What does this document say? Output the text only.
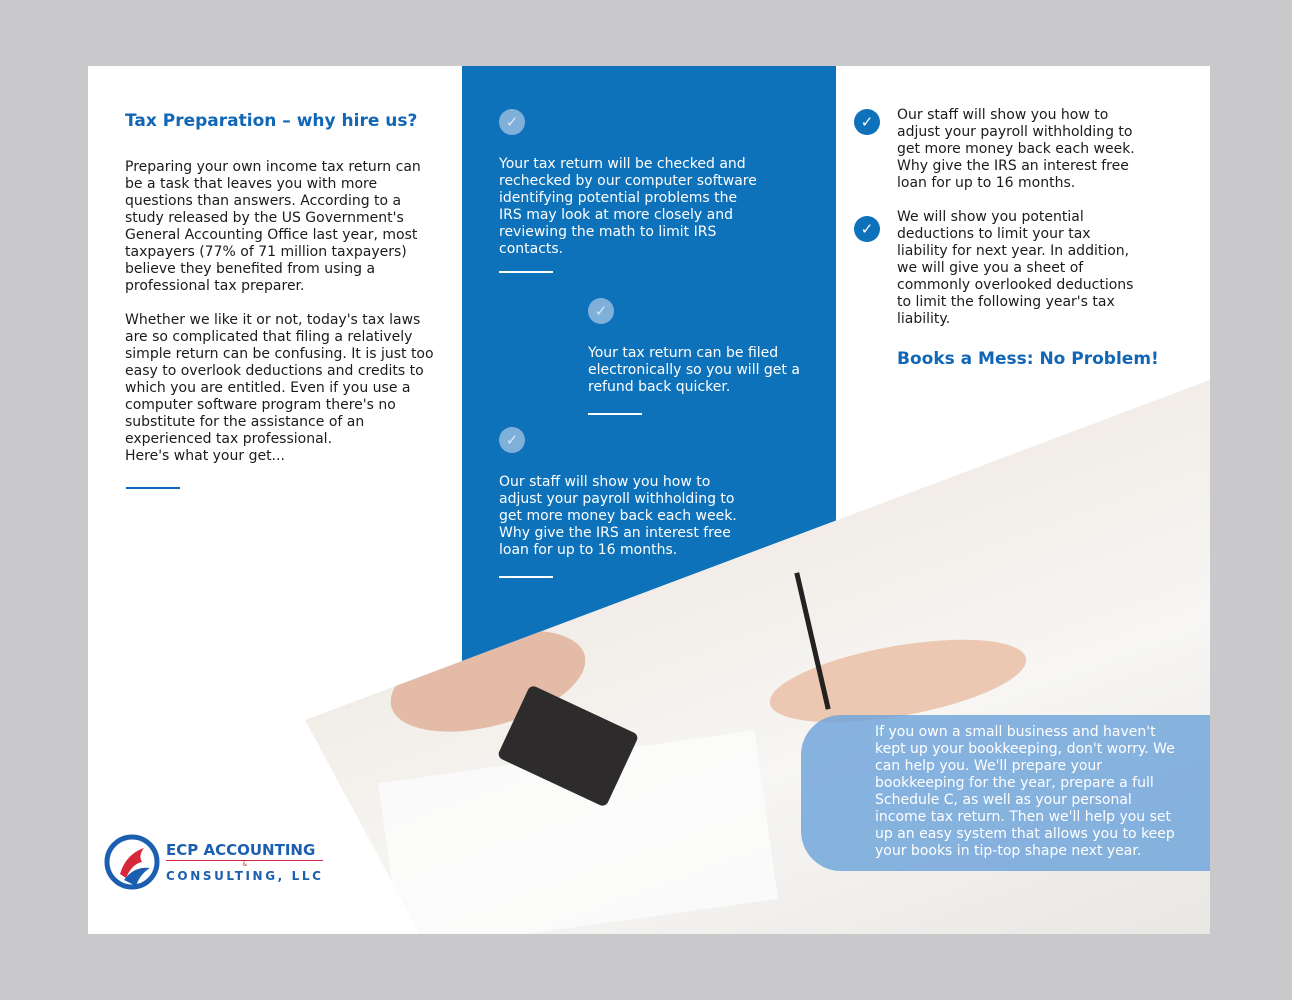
Tax Preparation – why hire us?
Preparing your own income tax return can be a task that leaves you with more questions than answers. According to a study released by the US Government's General Accounting Office last year, most taxpayers (77% of 71 million taxpayers) believe they benefited from using a professional tax preparer.
Whether we like it or not, today's tax laws are so complicated that filing a relatively simple return can be confusing. It is just too easy to overlook deductions and credits to which you are entitled. Even if you use a computer software program there's no substitute for the assistance of an experienced tax professional.
Here's what your get...
✓
Your tax return will be checked and rechecked by our computer software identifying potential problems the IRS may look at more closely and reviewing the math to limit IRS contacts.
✓
Your tax return can be filed electronically so you will get a refund back quicker.
✓
Our staff will show you how to adjust your payroll withholding to get more money back each week. Why give the IRS an interest free loan for up to 16 months.
✓	Our staff will show you how to adjust your payroll withholding to get more money back each week. Why give the IRS an interest free loan for up to 16 months.
✓
We will show you potential deductions to limit your tax liability for next year. In addition, we will give you a sheet of commonly overlooked deductions to limit the following year's tax liability.
Books a Mess: No Problem!
If you own a small business and haven't kept up your bookkeeping, don't worry. We can help you. We'll prepare your bookkeeping for the year, prepare a full Schedule C, as well as your personal income tax return. Then we'll help you set up an easy system that allows you to keep your books in tip-top shape next year.
ECP ACCOUNTING
&
CONSULTING, LLC
